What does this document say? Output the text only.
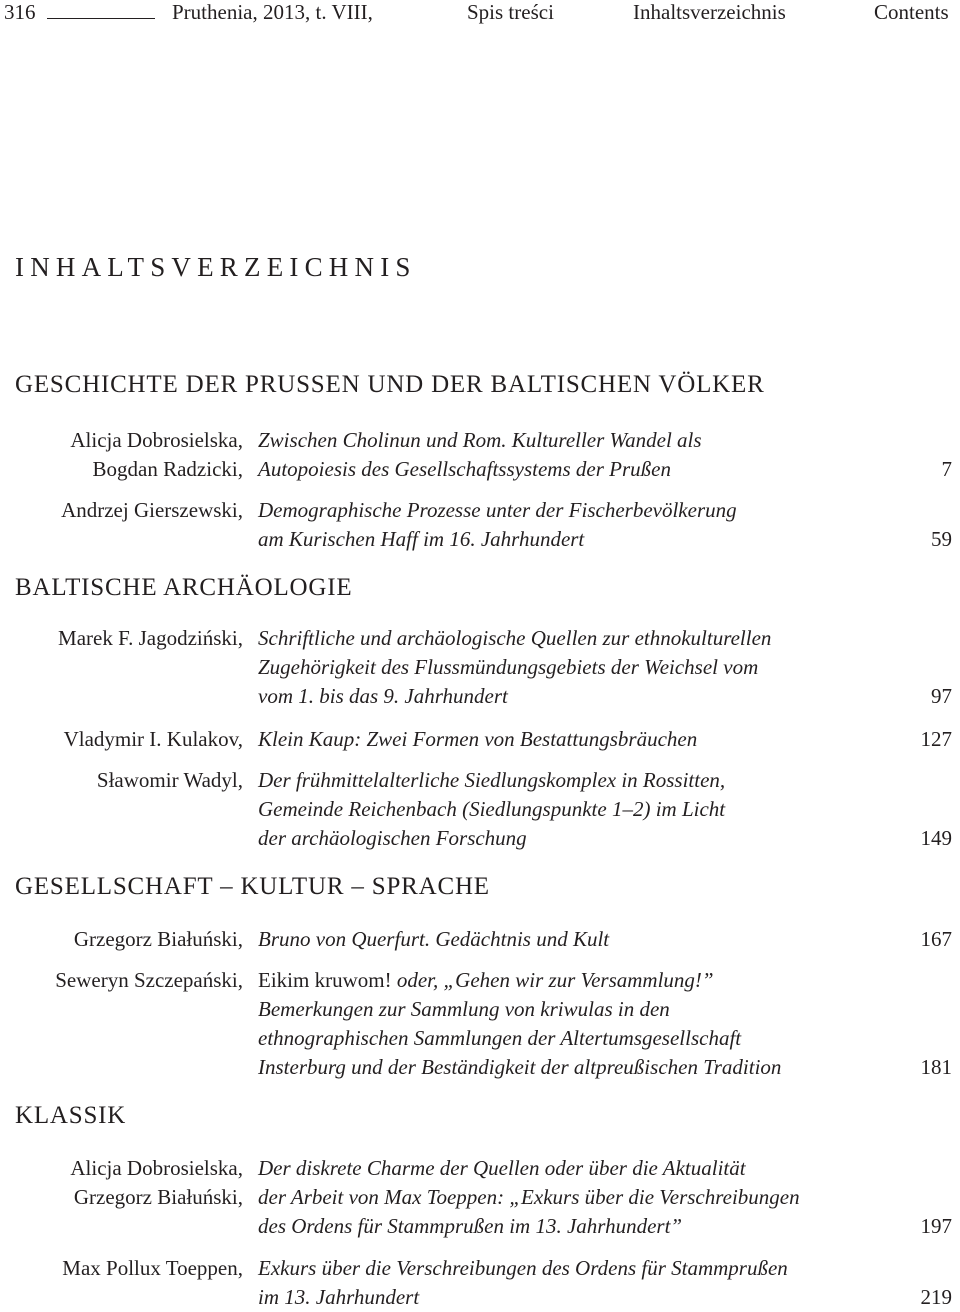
316	Pruthenia, 2013, t. VIII,	Spis treści	Inhaltsverzeichnis	Contents
INHALTSVERZEICHNIS
GESCHICHTE DER PRUSSEN UND DER BALTISCHEN VÖLKER
Alicja Dobrosielska,
Bogdan Radzicki,
Zwischen Cholinun und Rom. Kultureller Wandel als
Autopoiesis des Gesellschaftssystems der Prußen	7
Andrzej Gierszewski, Demographische Prozesse unter der Fischerbevölkerung
am Kurischen Haff im 16. Jahrhundert	59
BALTISCHE ARCHÄOLOGIE
Marek F. Jagodziński, Schriftliche und archäologische Quellen zur ethnokulturellen
Zugehörigkeit des Flussmündungsgebiets der Weichsel vom
vom 1. bis das 9. Jahrhundert	97
Vladymir I. Kulakov, Klein Kaup: Zwei Formen von Bestattungsbräuchen	127
Sławomir Wadyl, Der frühmittelalterliche Siedlungskomplex in Rossitten,
Gemeinde Reichenbach (Siedlungspunkte 1–2) im Licht
der archäologischen Forschung	149
GESELLSCHAFT – KULTUR – SPRACHE
Grzegorz Białuński, Bruno von Querfurt. Gedächtnis und Kult	167
Seweryn Szczepański, Eikim kruwom! oder, „Gehen wir zur Versammlung!”
Bemerkungen zur Sammlung von kriwulas in den
ethnographischen Sammlungen der Altertumsgesellschaft
Insterburg und der Beständigkeit der altpreußischen Tradition	181
KLASSIK
Alicja Dobrosielska,
Grzegorz Białuński,
Der diskrete Charme der Quellen oder über die Aktualität
der Arbeit von Max Toeppen: „Exkurs über die Verschreibungen
des Ordens für Stammprußen im 13. Jahrhundert”	197
Max Pollux Toeppen, Exkurs über die Verschreibungen des Ordens für Stammprußen
im 13. Jahrhundert	219
